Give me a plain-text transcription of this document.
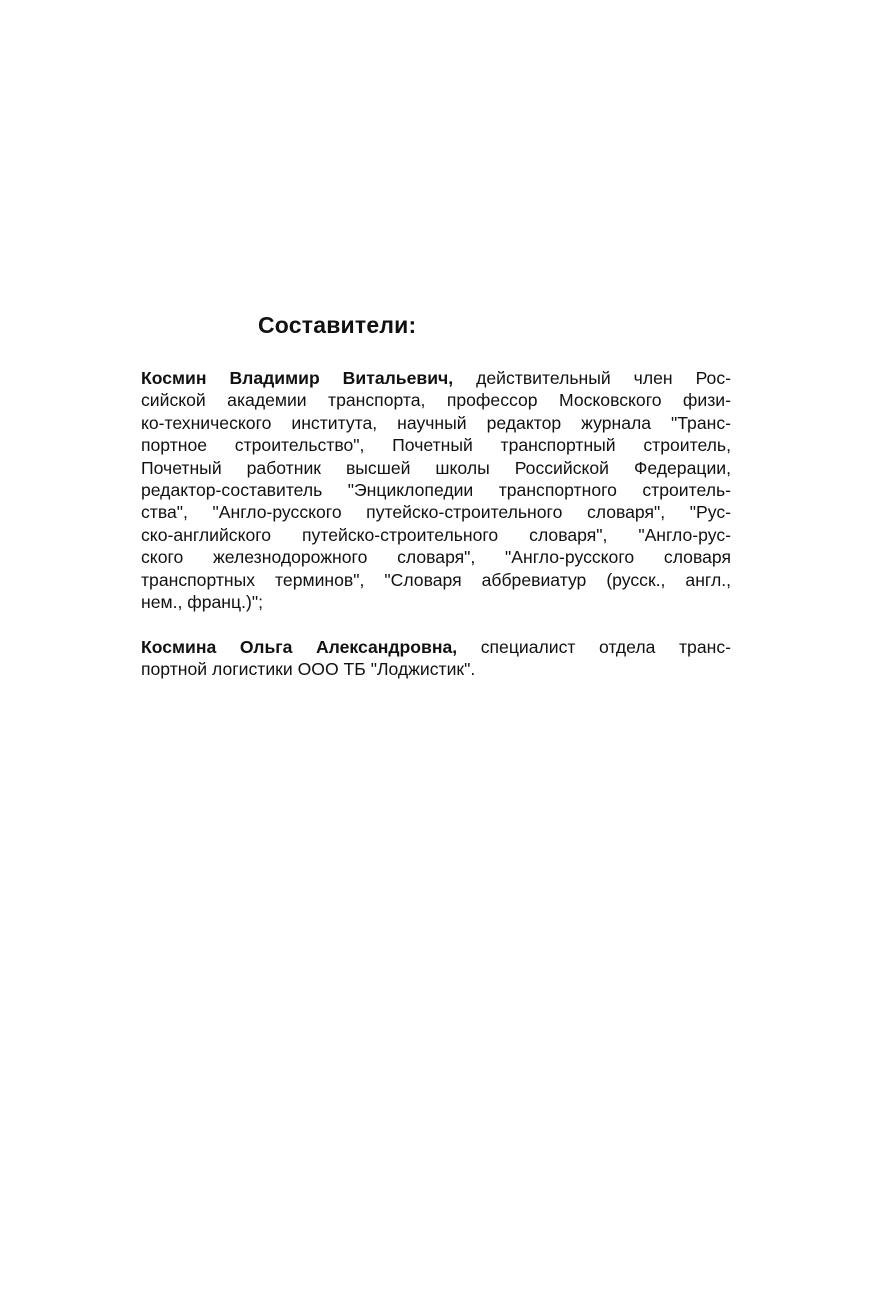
Составители:
Космин Владимир Витальевич, действительный член Рос-
сийской академии транспорта, профессор Московского физи-
ко-технического института, научный редактор журнала "Транс-
портное строительство", Почетный транспортный строитель,
Почетный работник высшей школы Российской Федерации,
редактор-составитель "Энциклопедии транспортного строитель-
ства", "Англо-русского путейско-строительного словаря", "Рус-
ско-английского путейско-строительного словаря", "Англо-рус-
ского железнодорожного словаря", "Англо-русского словаря
транспортных терминов", "Словаря аббревиатур (русск., англ.,
нем., франц.)";
Космина Ольга Александровна, специалист отдела транс-
портной логистики ООО ТБ "Лоджистик".
